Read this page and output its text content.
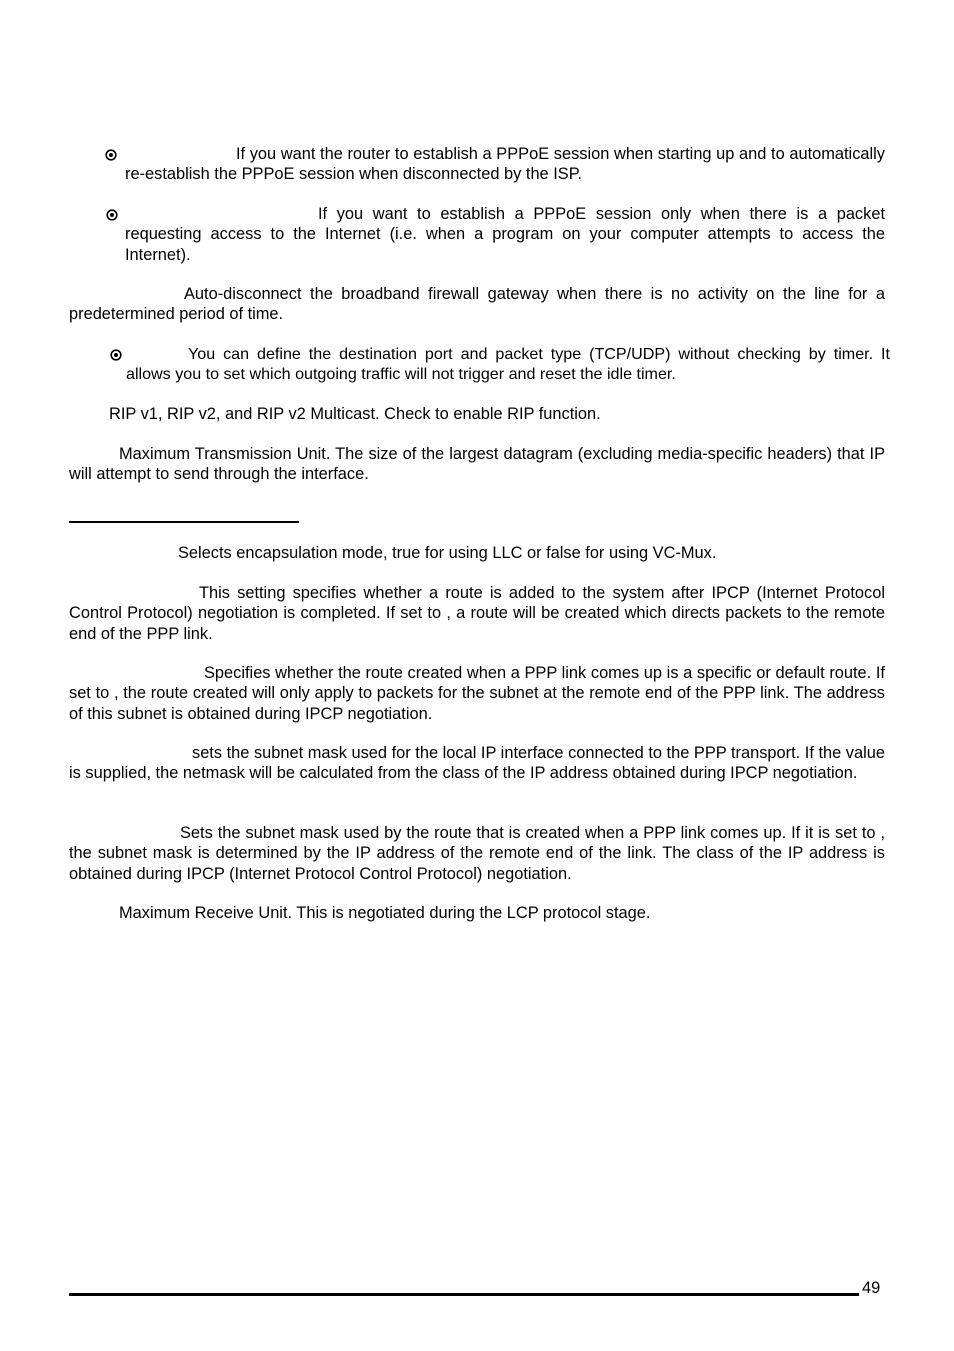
If you want the router to establish a PPPoE session when starting up and to automatically re-establish the PPPoE session when disconnected by the ISP.

If you want to establish a PPPoE session only when there is a packet requesting access to the Internet (i.e. when a program on your computer attempts to access the Internet).

Auto-disconnect the broadband firewall gateway when there is no activity on the line for a predetermined period of time.

You can define the destination port and packet type (TCP/UDP) without checking by timer. It allows you to set which outgoing traffic will not trigger and reset the idle timer.

RIP v1, RIP v2, and RIP v2 Multicast. Check to enable RIP function.

Maximum Transmission Unit. The size of the largest datagram (excluding media-specific headers) that IP will attempt to send through the interface.

Selects encapsulation mode, true for using LLC or false for using VC-Mux.

This setting specifies whether a route is added to the system after IPCP (Internet Protocol Control Protocol) negotiation is completed. If set to , a route will be created which directs packets to the remote end of the PPP link.

Specifies whether the route created when a PPP link comes up is a specific or default route. If set to , the route created will only apply to packets for the subnet at the remote end of the PPP link. The address of this subnet is obtained during IPCP negotiation.

sets the subnet mask used for the local IP interface connected to the PPP transport. If the value is supplied, the netmask will be calculated from the class of the IP address obtained during IPCP negotiation.

Sets the subnet mask used by the route that is created when a PPP link comes up. If it is set to , the subnet mask is determined by the IP address of the remote end of the link. The class of the IP address is obtained during IPCP (Internet Protocol Control Protocol) negotiation.

Maximum Receive Unit. This is negotiated during the LCP protocol stage.

49
